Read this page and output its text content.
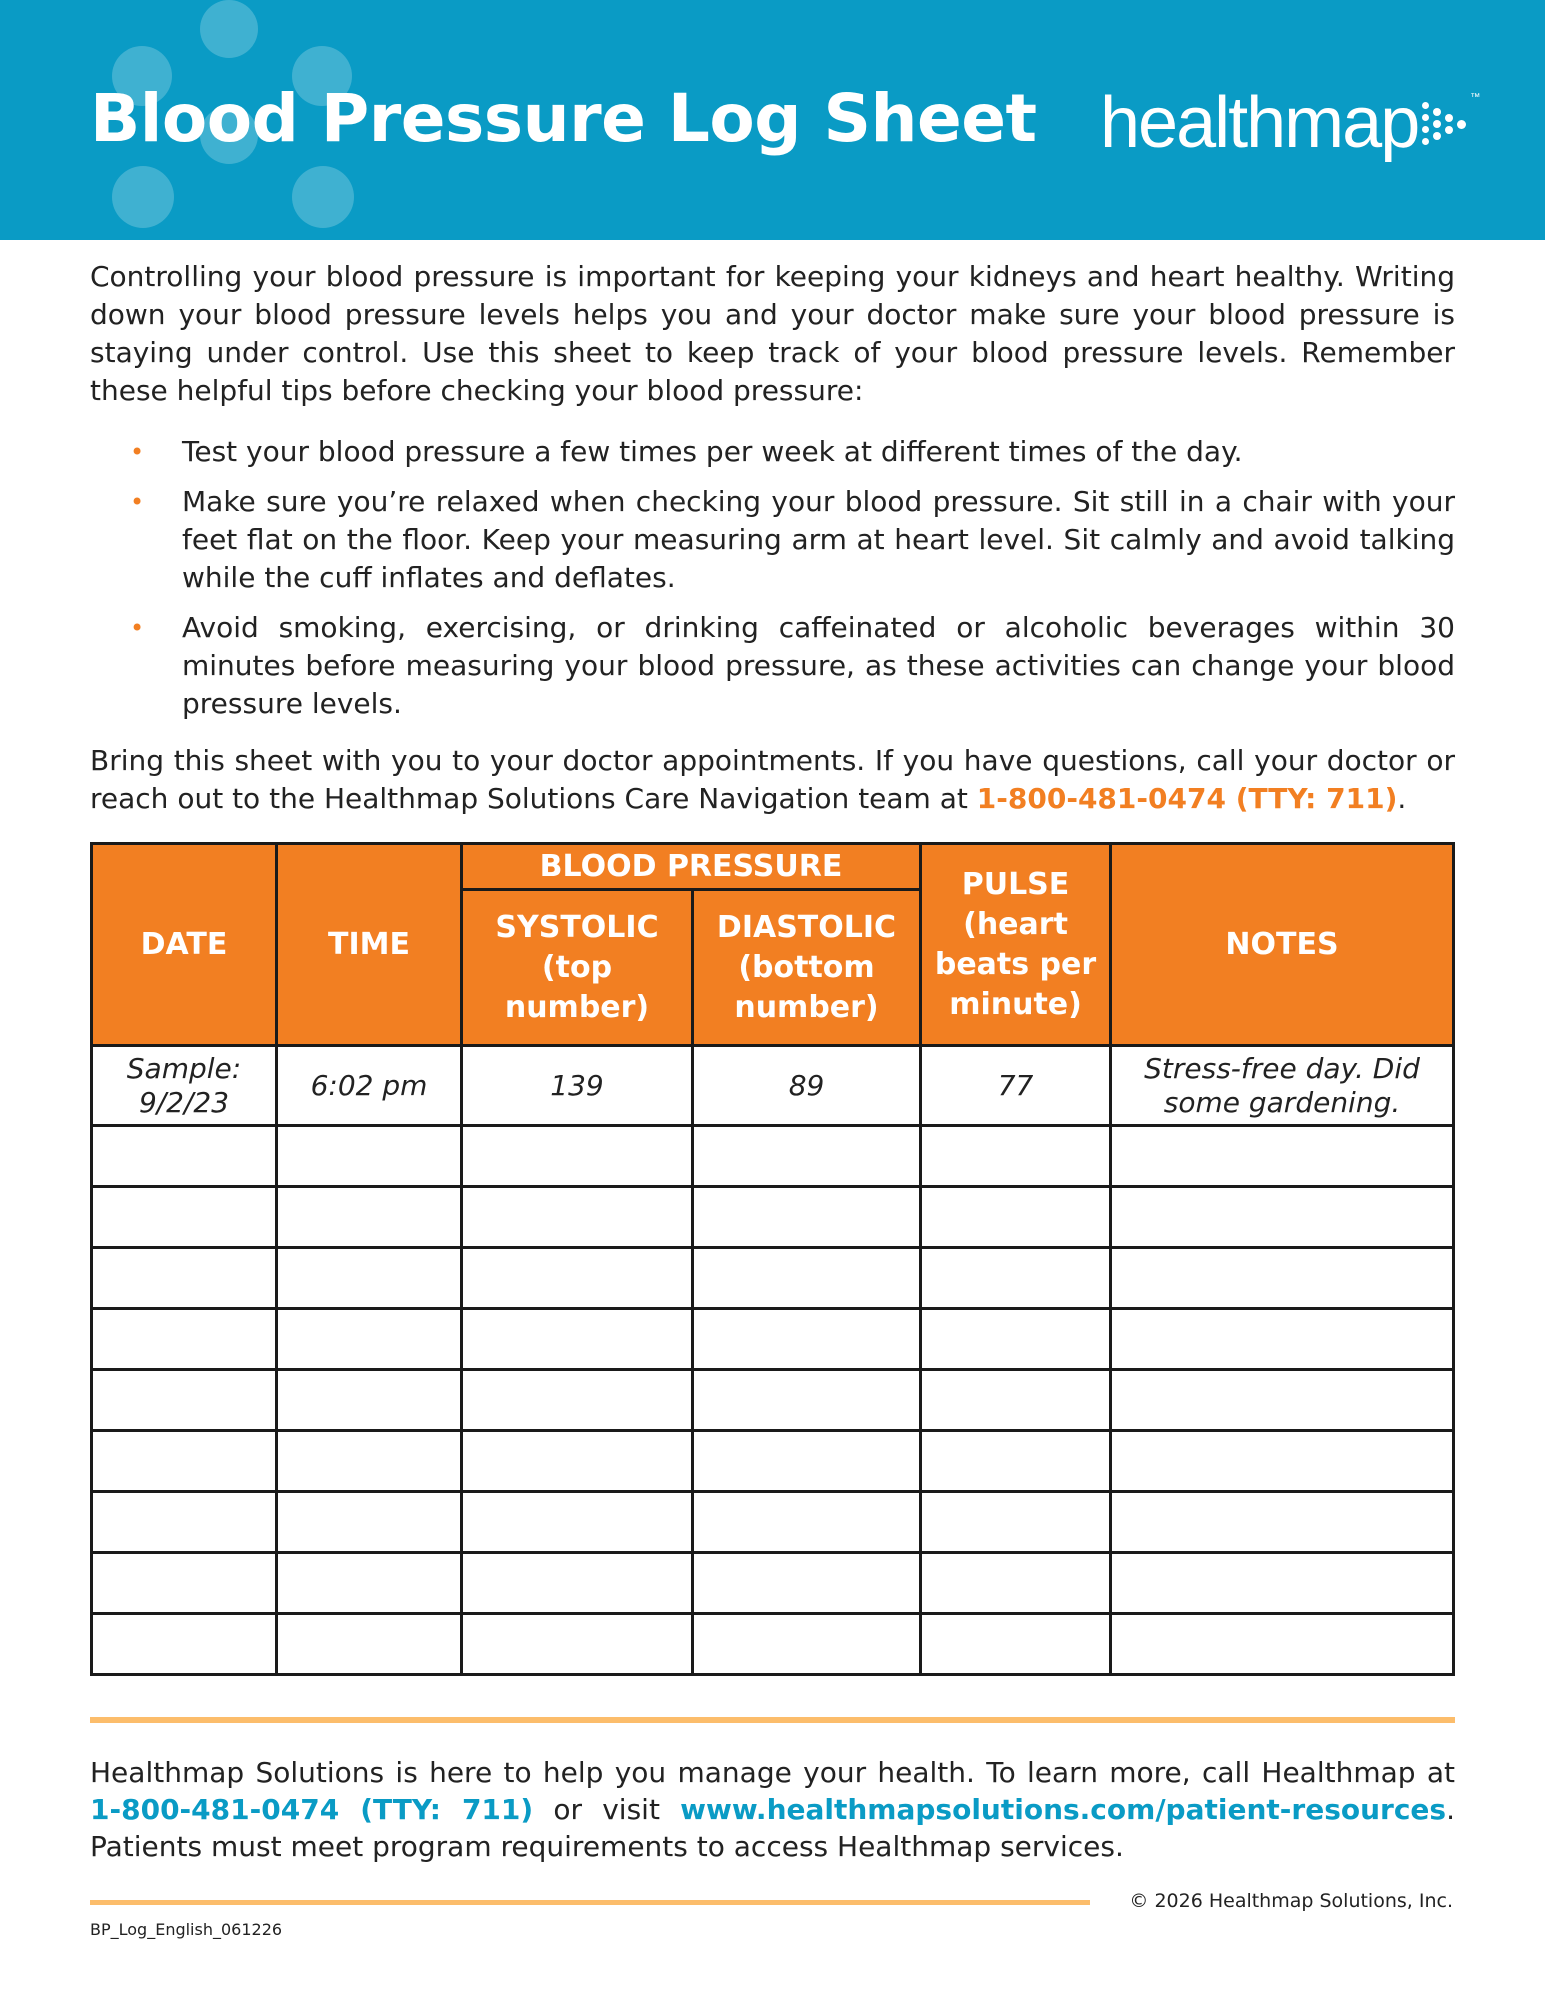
Blood Pressure Log Sheet healthmap	™

Controlling your blood pressure is important for keeping your kidneys and heart healthy. Writing down your blood pressure levels helps you and your doctor make sure your blood pressure is staying under control. Use this sheet to keep track of your blood pressure levels. Remember these helpful tips before checking your blood pressure:

• Test your blood pressure a few times per week at different times of the day.
• Make sure you’re relaxed when checking your blood pressure. Sit still in a chair with your feet flat on the floor. Keep your measuring arm at heart level. Sit calmly and avoid talking while the cuff inflates and deflates.
• Avoid smoking, exercising, or drinking caffeinated or alcoholic beverages within 30 minutes before measuring your blood pressure, as these activities can change your blood pressure levels.

Bring this sheet with you to your doctor appointments. If you have questions, call your doctor or reach out to the Healthmap Solutions Care Navigation team at 1-800-481-0474 (TTY: 711).

DATE	TIME	BLOOD PRESSURE		PULSE (heart beats per minute)	NOTES
		SYSTOLIC (top number)	DIASTOLIC (bottom number)		
Sample: 9/2/23	6:02 pm	139	89	77	Stress-free day. Did some gardening.

Healthmap Solutions is here to help you manage your health. To learn more, call Healthmap at 1-800-481-0474 (TTY: 711) or visit www.healthmapsolutions.com/patient-resources. Patients must meet program requirements to access Healthmap services.

© 2026 Healthmap Solutions, Inc.
BP_Log_English_061226
